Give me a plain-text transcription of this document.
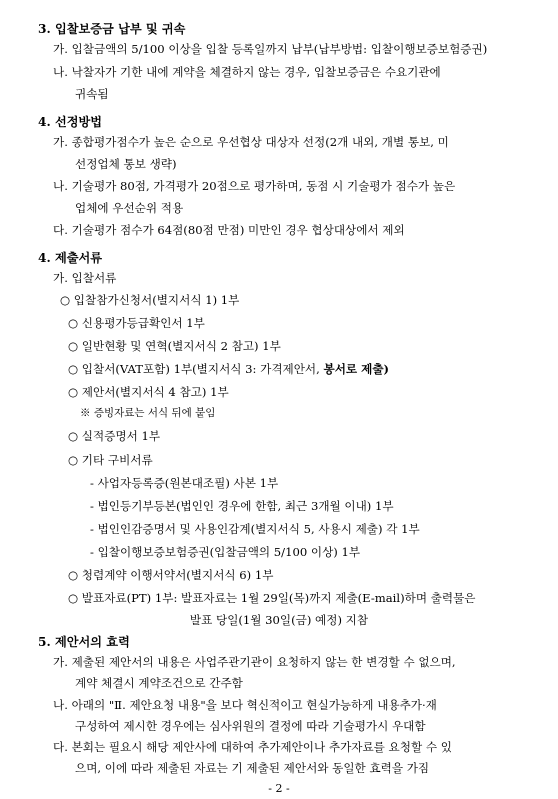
3. 입찰보증금 납부 및 귀속
가. 입찰금액의 5/100 이상을 입찰 등록일까지 납부(납부방법: 입찰이행보증보험증권)
나. 낙찰자가 기한 내에 계약을 체결하지 않는 경우, 입찰보증금은 수요기관에
귀속됨
4. 선정방법
가. 종합평가점수가 높은 순으로 우선협상 대상자 선정(2개 내외, 개별 통보, 미
선정업체 통보 생략)
나. 기술평가 80점, 가격평가 20점으로 평가하며, 동점 시 기술평가 점수가 높은
업체에 우선순위 적용
다. 기술평가 점수가 64점(80점 만점) 미만인 경우 협상대상에서 제외
4. 제출서류
가. 입찰서류
○ 입찰참가신청서(별지서식 1) 1부
○ 신용평가등급확인서 1부
○ 일반현황 및 연혁(별지서식 2 참고) 1부
○ 입찰서(VAT포함) 1부(별지서식 3: 가격제안서, 봉서로 제출)
○ 제안서(별지서식 4 참고) 1부
※ 증빙자료는 서식 뒤에 붙임
○ 실적증명서 1부
○ 기타 구비서류
- 사업자등록증(원본대조필) 사본 1부
- 법인등기부등본(법인인 경우에 한함, 최근 3개월 이내) 1부
- 법인인감증명서 및 사용인감계(별지서식 5, 사용시 제출) 각 1부
- 입찰이행보증보험증권(입찰금액의 5/100 이상) 1부
○ 청렴계약 이행서약서(별지서식 6) 1부
○ 발표자료(PT) 1부: 발표자료는 1월 29일(목)까지 제출(E-mail)하며 출력물은
발표 당일(1월 30일(금) 예정) 지참
5. 제안서의 효력
가. 제출된 제안서의 내용은 사업주관기관이 요청하지 않는 한 변경할 수 없으며,
계약 체결시 계약조건으로 간주함
나. 아래의 "Ⅱ. 제안요청 내용"을 보다 혁신적이고 현실가능하게 내용추가·재
구성하여 제시한 경우에는 심사위원의 결정에 따라 기술평가시 우대함
다. 본회는 필요시 해당 제안사에 대하여 추가제안이나 추가자료를 요청할 수 있
으며, 이에 따라 제출된 자료는 기 제출된 제안서와 동일한 효력을 가짐
- 2 -
